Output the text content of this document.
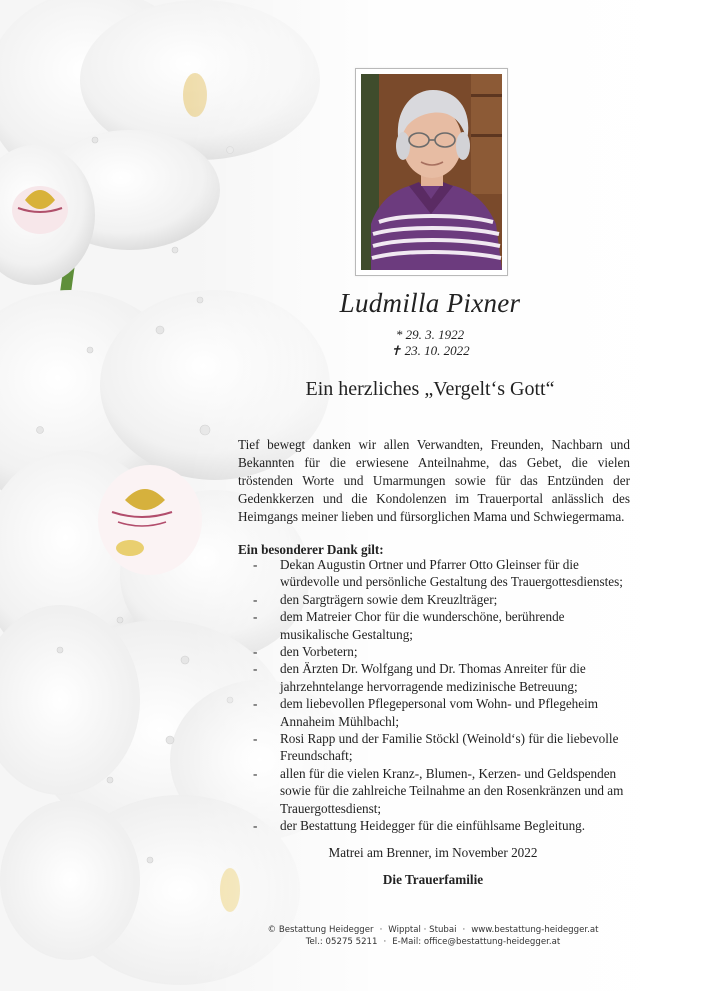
Ludmilla Pixner
* 29. 3. 1922
✝ 23. 10. 2022
Ein herzliches „Vergelt‘s Gott“
Tief bewegt danken wir allen Verwandten, Freunden, Nachbarn und Bekannten für die erwiesene Anteilnahme, das Gebet, die vielen tröstenden Worte und Umarmungen sowie für das Entzünden der Gedenkkerzen und die Kondolenzen im Trauerportal anlässlich des Heimgangs meiner lieben und fürsorglichen Mama und Schwiegermama.
Ein besonderer Dank gilt:
- Dekan Augustin Ortner und Pfarrer Otto Gleinser für die würdevolle und persönliche Gestaltung des Trauergottesdienstes;
- den Sargträgern sowie dem Kreuzlträger;
- dem Matreier Chor für die wunderschöne, berührende musikalische Gestaltung;
- den Vorbetern;
- den Ärzten Dr. Wolfgang und Dr. Thomas Anreiter für die jahrzehntelange hervorragende medizinische Betreuung;
- dem liebevollen Pflegepersonal vom Wohn- und Pflegeheim Annaheim Mühlbachl;
- Rosi Rapp und der Familie Stöckl (Weinold‘s) für die liebevolle Freundschaft;
- allen für die vielen Kranz-, Blumen-, Kerzen- und Geldspenden sowie für die zahlreiche Teilnahme an den Rosenkränzen und am Trauergottesdienst;
- der Bestattung Heidegger für die einfühlsame Begleitung.
Matrei am Brenner, im November 2022
Die Trauerfamilie
© Bestattung Heidegger · Wipptal · Stubai · www.bestattung-heidegger.at
Tel.: 05275 5211 · E-Mail: office@bestattung-heidegger.at
